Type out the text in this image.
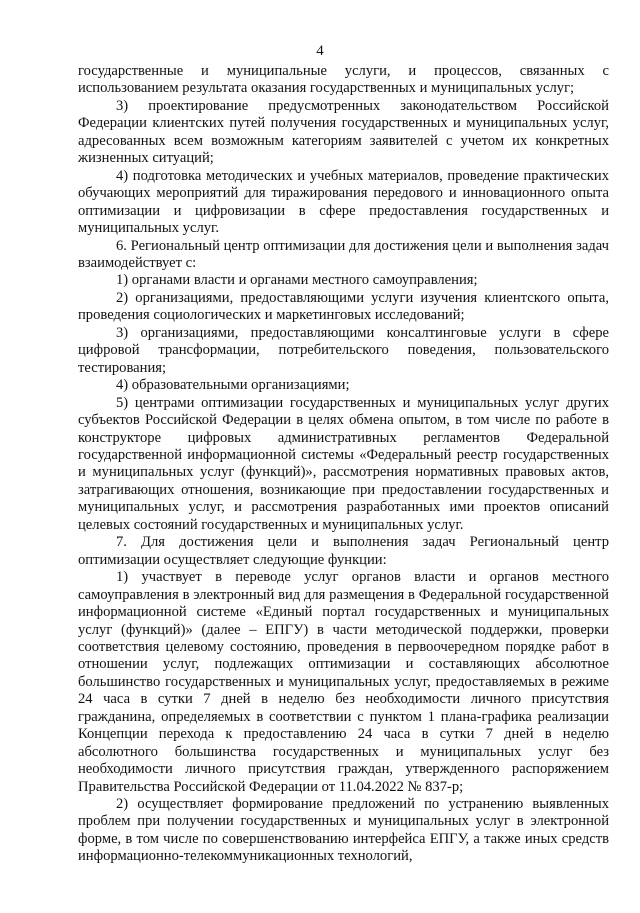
4

государственные и муниципальные услуги, и процессов, связанных с использованием результата оказания государственных и муниципальных услуг;

3) проектирование предусмотренных законодательством Российской Федерации клиентских путей получения государственных и муниципальных услуг, адресованных всем возможным категориям заявителей с учетом их конкретных жизненных ситуаций;

4) подготовка методических и учебных материалов, проведение практических обучающих мероприятий для тиражирования передового и инновационного опыта оптимизации и цифровизации в сфере предоставления государственных и муниципальных услуг.

6. Региональный центр оптимизации для достижения цели и выполнения задач взаимодействует с:

1) органами власти и органами местного самоуправления;

2) организациями, предоставляющими услуги изучения клиентского опыта, проведения социологических и маркетинговых исследований;

3) организациями, предоставляющими консалтинговые услуги в сфере цифровой трансформации, потребительского поведения, пользовательского тестирования;

4) образовательными организациями;

5) центрами оптимизации государственных и муниципальных услуг других субъектов Российской Федерации в целях обмена опытом, в том числе по работе в конструкторе цифровых административных регламентов Федеральной государственной информационной системы «Федеральный реестр государственных и муниципальных услуг (функций)», рассмотрения нормативных правовых актов, затрагивающих отношения, возникающие при предоставлении государственных и муниципальных услуг, и рассмотрения разработанных ими проектов описаний целевых состояний государственных и муниципальных услуг.

7. Для достижения цели и выполнения задач Региональный центр оптимизации осуществляет следующие функции:

1) участвует в переводе услуг органов власти и органов местного самоуправления в электронный вид для размещения в Федеральной государственной информационной системе «Единый портал государственных и муниципальных услуг (функций)» (далее – ЕПГУ) в части методической поддержки, проверки соответствия целевому состоянию, проведения в первоочередном порядке работ в отношении услуг, подлежащих оптимизации и составляющих абсолютное большинство государственных и муниципальных услуг, предоставляемых в режиме 24 часа в сутки 7 дней в неделю без необходимости личного присутствия гражданина, определяемых в соответствии с пунктом 1 плана-графика реализации Концепции перехода к предоставлению 24 часа в сутки 7 дней в неделю абсолютного большинства государственных и муниципальных услуг без необходимости личного присутствия граждан, утвержденного распоряжением Правительства Российской Федерации от 11.04.2022 № 837-р;

2) осуществляет формирование предложений по устранению выявленных проблем при получении государственных и муниципальных услуг в электронной форме, в том числе по совершенствованию интерфейса ЕПГУ, а также иных средств информационно-телекоммуникационных технологий,
